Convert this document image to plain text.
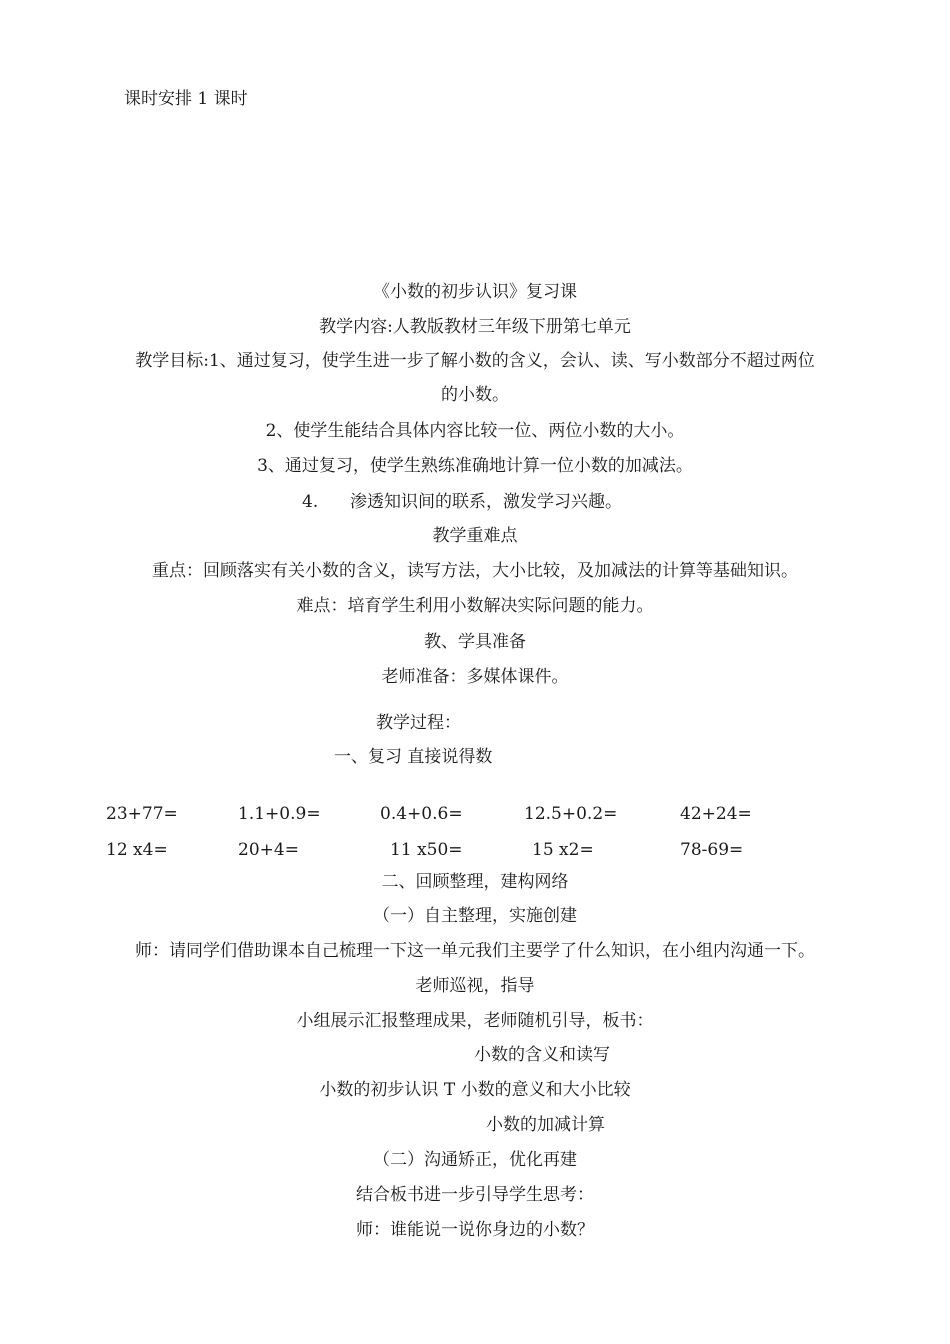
课时安排 1 课时
《小数的初步认识》复习课
教学内容:人教版教材三年级下册第七单元
教学目标:1、通过复习，使学生进一步了解小数的含义，会认、读、写小数部分不超过两位
的小数。
2、使学生能结合具体内容比较一位、两位小数的大小。
3、通过复习，使学生熟练准确地计算一位小数的加减法。
4. 渗透知识间的联系，激发学习兴趣。
教学重难点
重点：回顾落实有关小数的含义，读写方法，大小比较，及加减法的计算等基础知识。
难点：培育学生利用小数解决实际问题的能力。
教、学具准备
老师准备：多媒体课件。
教学过程：
一、复习 直接说得数
23+77=	1.1+0.9=	0.4+0.6=	12.5+0.2=	42+24=
12 x4=	20+4=	11 x50=	15 x2=	78-69=
二、回顾整理，建构网络
（一）自主整理，实施创建
师：请同学们借助课本自己梳理一下这一单元我们主要学了什么知识，在小组内沟通一下。
老师巡视，指导
小组展示汇报整理成果，老师随机引导，板书：
小数的含义和读写
小数的初步认识 T 小数的意义和大小比较
小数的加减计算
（二）沟通矫正，优化再建
结合板书进一步引导学生思考：
师：谁能说一说你身边的小数？
